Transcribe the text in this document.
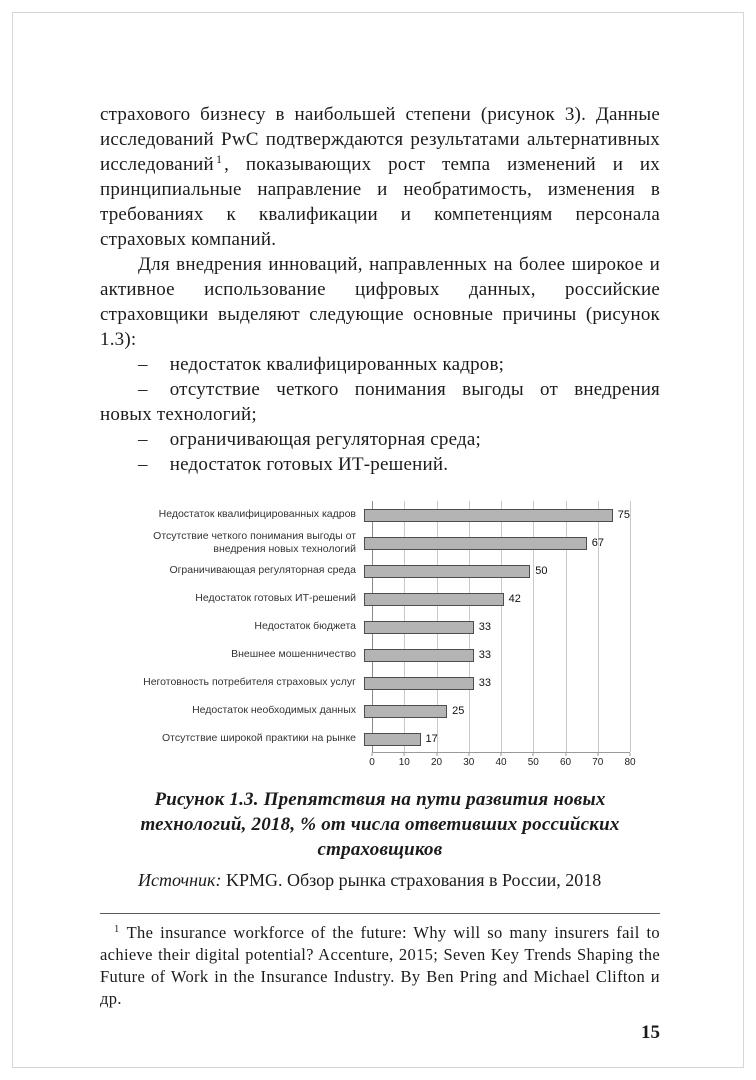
страхового бизнесу в наибольшей степени (рисунок 3). Данные исследований PwC подтверждаются результатами альтернативных исследований $^1$ , показывающих рост темпа изменений и их принципиальные направление и необратимость, изменения в требованиях к квалификации и компетенциям персонала страховых компаний.

Для внедрения инноваций, направленных на более широкое и активное использование цифровых данных, российские страховщики выделяют следующие основные причины (рисунок 1.3):

– недостаток квалифицированных кадров;

– отсутствие четкого понимания выгоды от внедрения новых технологий;

– ограничивающая регуляторная среда;

– недостаток готовых ИТ-решений.

Недостаток квалифицированных кадров	75
Отсутствие четкого понимания выгоды от внедрения новых технологий	67
Ограничивающая регуляторная среда	50
Недостаток готовых ИТ-решений	42
Недостаток бюджета	33
Внешнее мошенничество	33
Неготовность потребителя страховых услуг	33
Недостаток необходимых данных	25
Отсутствие широкой практики на рынке	17
0 10 20 30 40 50 60 70 80

Рисунок 1.3. Препятствия на пути развития новых технологий, 2018, % от числа ответивших российских страховщиков

Источник: KPMG. Обзор рынка страхования в России, 2018

$^1$ The insurance workforce of the future: Why will so many insurers fail to achieve their digital potential? Accenture, 2015; Seven Key Trends Shaping the Future of Work in the Insurance Industry. By Ben Pring and Michael Clifton и др.

15
